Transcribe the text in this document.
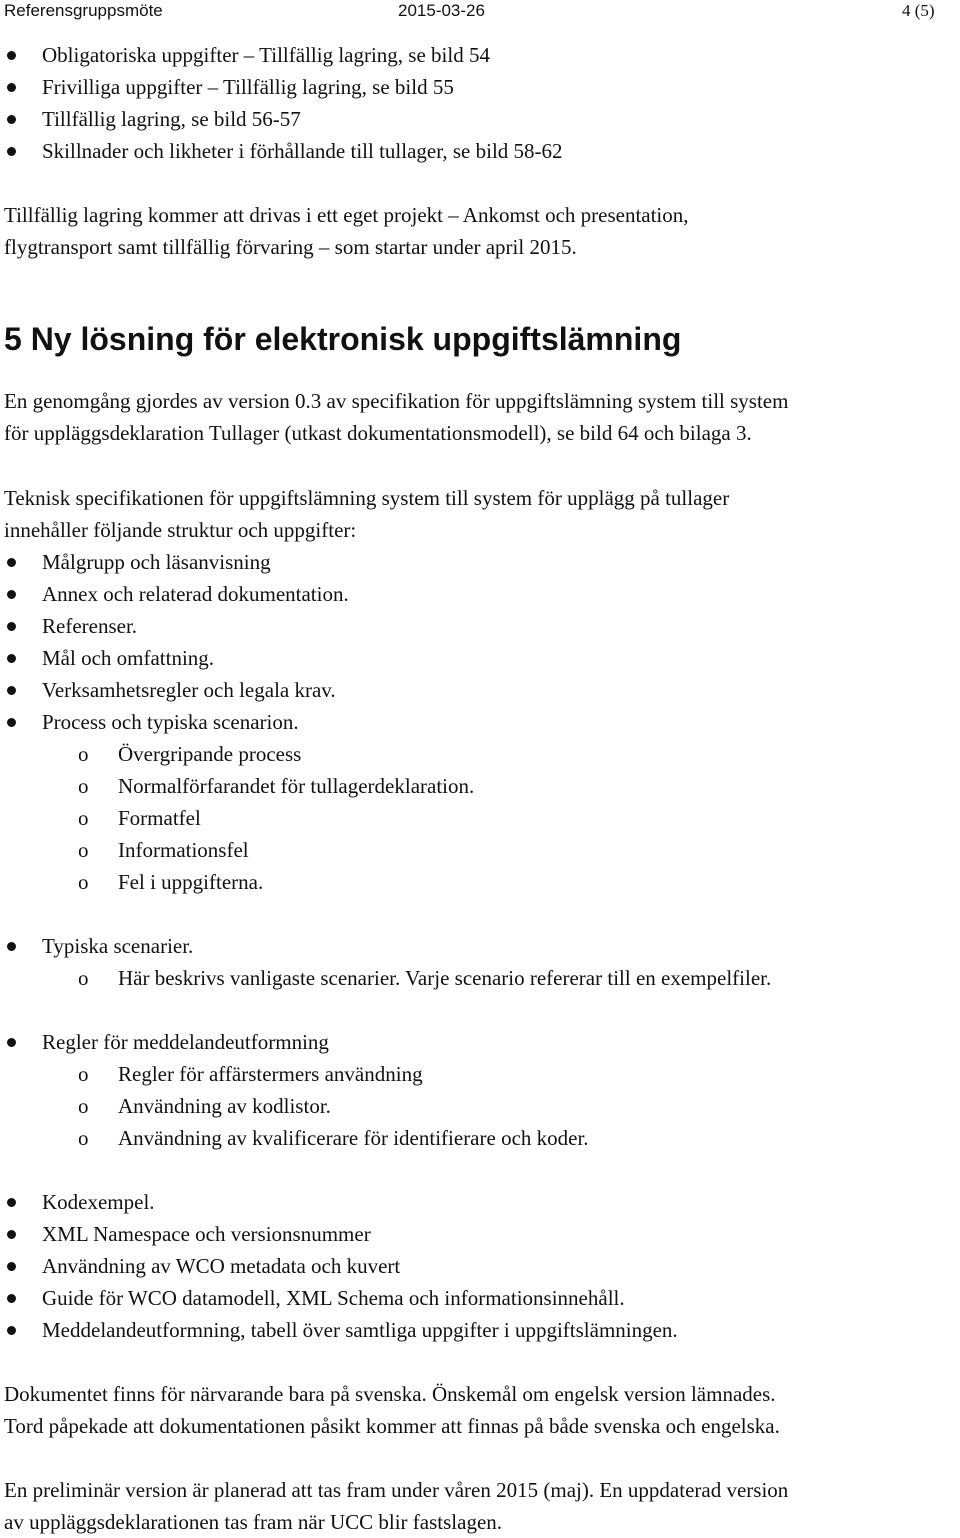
Referensgruppsmöte	2015-03-26	4 (5)
Obligatoriska uppgifter – Tillfällig lagring, se bild 54
Frivilliga uppgifter – Tillfällig lagring, se bild 55
Tillfällig lagring, se bild 56-57
Skillnader och likheter i förhållande till tullager, se bild 58-62
Tillfällig lagring kommer att drivas i ett eget projekt – Ankomst och presentation,
flygtransport samt tillfällig förvaring – som startar under april 2015.
5 Ny lösning för elektronisk uppgiftslämning
En genomgång gjordes av version 0.3 av specifikation för uppgiftslämning system till system
för uppläggsdeklaration Tullager (utkast dokumentationsmodell), se bild 64 och bilaga 3.
Teknisk specifikationen för uppgiftslämning system till system för upplägg på tullager
innehåller följande struktur och uppgifter:
Målgrupp och läsanvisning
Annex och relaterad dokumentation.
Referenser.
Mål och omfattning.
Verksamhetsregler och legala krav.
Process och typiska scenarion.
o Övergripande process
o Normalförfarandet för tullagerdeklaration.
o Formatfel
o Informationsfel
o Fel i uppgifterna.
Typiska scenarier.
o Här beskrivs vanligaste scenarier. Varje scenario refererar till en exempelfiler.
Regler för meddelandeutformning
o Regler för affärstermers användning
o Användning av kodlistor.
o Användning av kvalificerare för identifierare och koder.
Kodexempel.
XML Namespace och versionsnummer
Användning av WCO metadata och kuvert
Guide för WCO datamodell, XML Schema och informationsinnehåll.
Meddelandeutformning, tabell över samtliga uppgifter i uppgiftslämningen.
Dokumentet finns för närvarande bara på svenska. Önskemål om engelsk version lämnades.
Tord påpekade att dokumentationen påsikt kommer att finnas på både svenska och engelska.
En preliminär version är planerad att tas fram under våren 2015 (maj). En uppdaterad version
av uppläggsdeklarationen tas fram när UCC blir fastslagen.
